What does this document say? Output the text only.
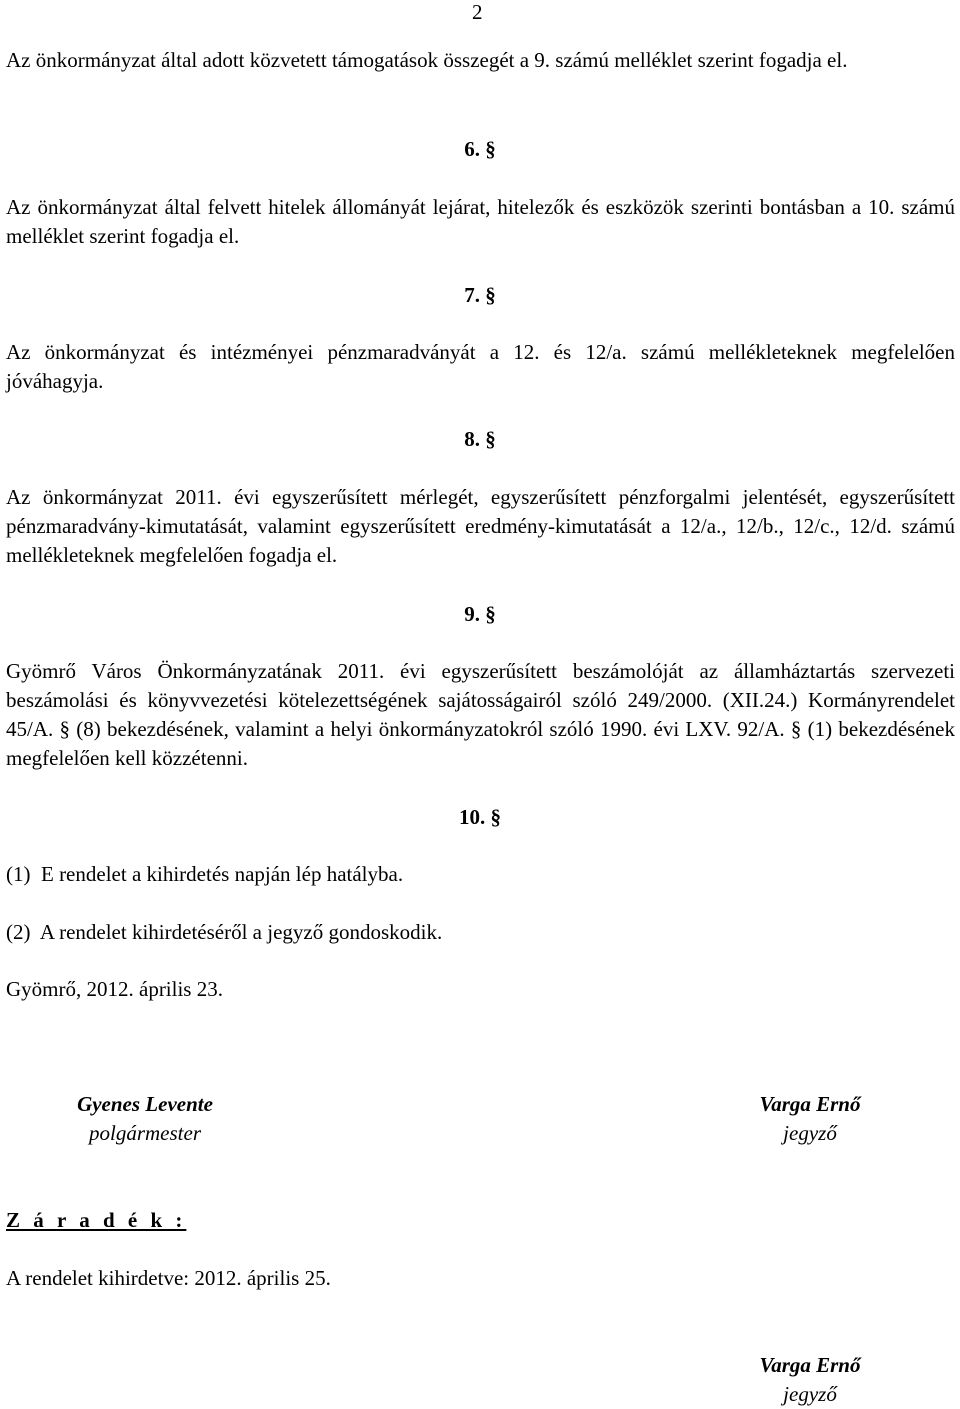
2

Az önkormányzat által adott közvetett támogatások összegét a 9. számú melléklet szerint fogadja el.

6. §

Az önkormányzat által felvett hitelek állományát lejárat, hitelezők és eszközök szerinti bontásban a 10. számú melléklet szerint fogadja el.

7. §

Az önkormányzat és intézményei pénzmaradványát a 12. és 12/a. számú mellékleteknek megfelelően jóváhagyja.

8. §

Az önkormányzat 2011. évi egyszerűsített mérlegét, egyszerűsített pénzforgalmi jelentését, egyszerűsített pénzmaradvány-kimutatását, valamint egyszerűsített eredmény-kimutatását a 12/a., 12/b., 12/c., 12/d. számú mellékleteknek megfelelően fogadja el.

9. §

Gyömrő Város Önkormányzatának 2011. évi egyszerűsített beszámolóját az államháztartás szervezeti beszámolási és könyvvezetési kötelezettségének sajátosságairól szóló 249/2000. (XII.24.) Kormányrendelet 45/A. § (8) bekezdésének, valamint a helyi önkormányzatokról szóló 1990. évi LXV. 92/A. § (1) bekezdésének megfelelően kell közzétenni.

10. §

(1)  E rendelet a kihirdetés napján lép hatályba.

(2)  A rendelet kihirdetéséről a jegyző gondoskodik.

Gyömrő, 2012. április 23.

Gyenes Levente
polgármester
Varga Ernő
jegyző
Z á r a d é k :

A rendelet kihirdetve: 2012. április 25.

Varga Ernő
jegyző
